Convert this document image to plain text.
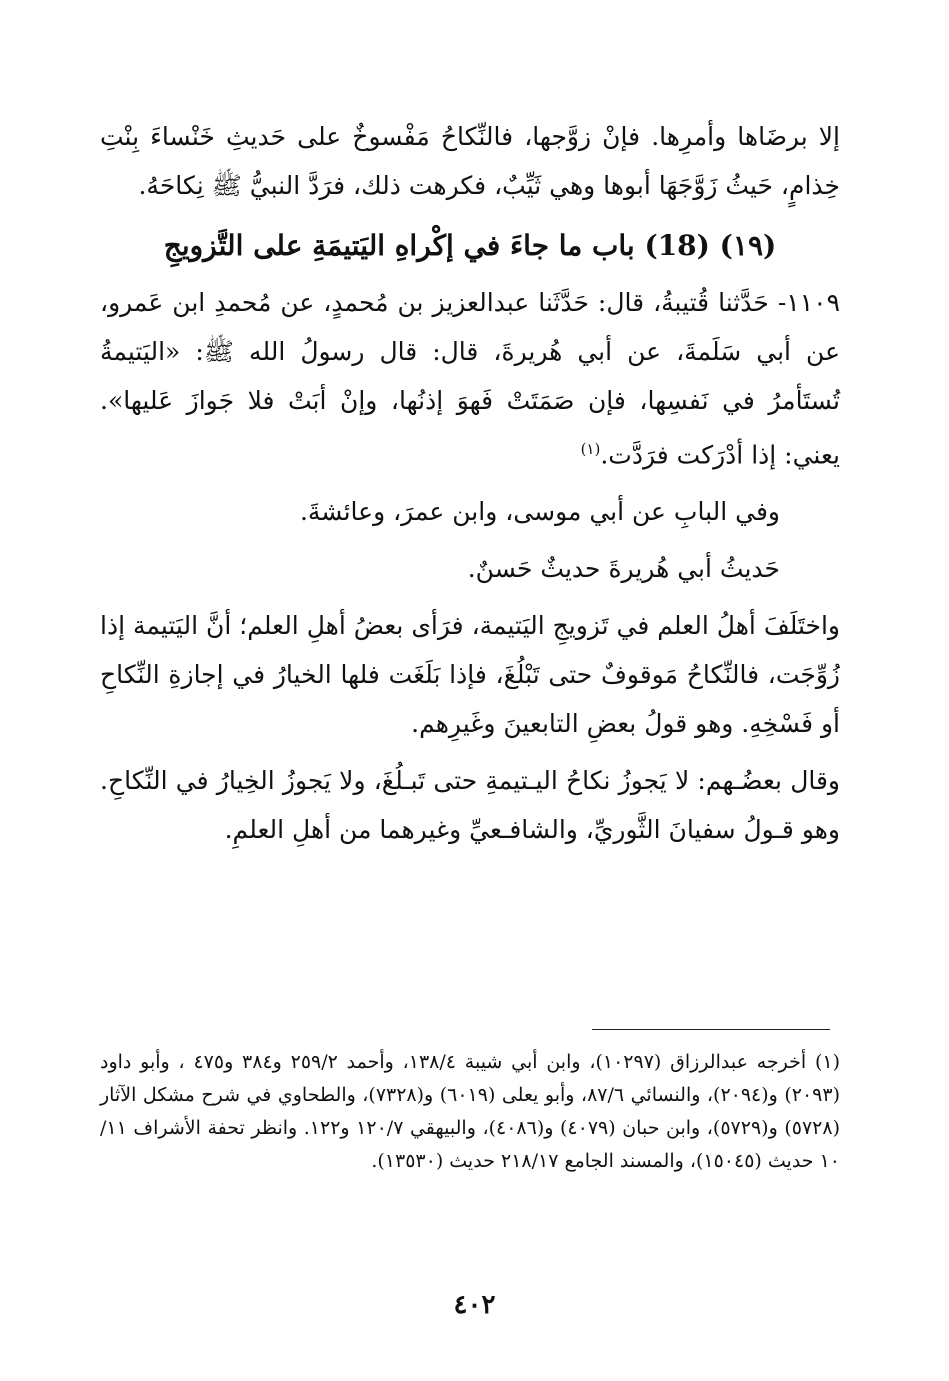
إلا برضَاها وأمرِها. فإنْ زوَّجها، فالنِّكاحُ مَفْسوخٌ على حَديثِ خَنْساءَ بِنْتِ خِذامٍ، حَيثُ زَوَّجَهَا أبوها وهي ثَيِّبٌ، فكرهت ذلك، فرَدَّ النبيُّ ﷺ نِكاحَهُ.

(١٩) (18) باب ما جاءَ في إكْراهِ اليَتيمَةِ على التَّزويجِ

١١٠٩- حَدَّثنا قُتيبةُ، قال: حَدَّثَنا عبدالعزيز بن مُحمدٍ، عن مُحمدِ ابن عَمرو، عن أبي سَلَمةَ، عن أبي هُريرةَ، قال: قال رسولُ الله ﷺ: «اليَتيمةُ تُستَأمرُ في نَفسِها، فإن صَمَتَتْ فَهوَ إذنُها، وإنْ أبَتْ فلا جَوازَ عَليها». يعني: إذا أدْرَكت فرَدَّت.$^{(١)}$

وفي البابِ عن أبي موسى، وابن عمرَ، وعائشةَ.

حَديثُ أبي هُريرةَ حديثٌ حَسنٌ.

واختَلَفَ أهلُ العلم في تَزويجِ اليَتيمة، فرَأى بعضُ أهلِ العلم؛ أنَّ اليَتيمة إذا زُوِّجَت، فالنِّكاحُ مَوقوفٌ حتى تَبْلُغَ، فإذا بَلَغَت فلها الخيارُ في إجازةِ النِّكاحِ أو فَسْخِهِ. وهو قولُ بعضِ التابعينَ وغَيرِهم.

وقال بعضُـهم: لا يَجوزُ نكاحُ اليـتيمةِ حتى تَبـلُغَ، ولا يَجوزُ الخِيارُ في النِّكاحِ. وهو قـولُ سفيانَ الثَّوريِّ، والشافـعيِّ وغيرهما من أهلِ العلمِ.

(١) أخرجه عبدالرزاق (١٠٢٩٧)، وابن أبي شيبة ١٣٨/٤، وأحمد ٢٥٩/٢ و٣٨٤ و٤٧٥ ، وأبو داود (٢٠٩٣) و(٢٠٩٤)، والنسائي ٨٧/٦، وأبو يعلى (٦٠١٩) و(٧٣٢٨)، والطحاوي في شرح مشكل الآثار (٥٧٢٨) و(٥٧٢٩)، وابن حبان (٤٠٧٩) و(٤٠٨٦)، والبيهقي ١٢٠/٧ و١٢٢. وانظر تحفة الأشراف ١١/ ١٠ حديث (١٥٠٤٥)، والمسند الجامع ٢١٨/١٧ حديث (١٣٥٣٠).

٤٠٢
